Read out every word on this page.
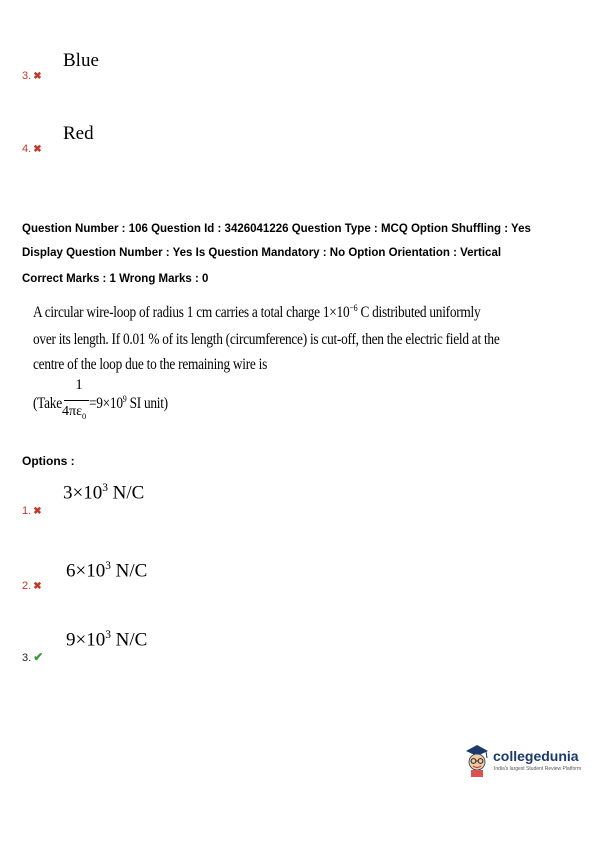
Blue
3. ✖
Red
4. ✖
Question Number : 106 Question Id : 3426041226 Question Type : MCQ Option Shuffling : Yes
Display Question Number : Yes Is Question Mandatory : No Option Orientation : Vertical
Correct Marks : 1 Wrong Marks : 0
A circular wire-loop of radius 1 cm carries a total charge $1\times 10^{-6}$ C distributed uniformly
over its length. If 0.01 % of its length (circumference) is cut-off, then the electric field at the
centre of the loop due to the remaining wire is
(Take
1
$4\pi\varepsilon_0$
$=9\times 10^9$ SI unit)
Options :
$3\times 10^3$ N/C
1. ✖
$6\times 10^3$ N/C
2. ✖
$9\times 10^3$ N/C
3. ✔
collegedunia
India's largest Student Review Platform
